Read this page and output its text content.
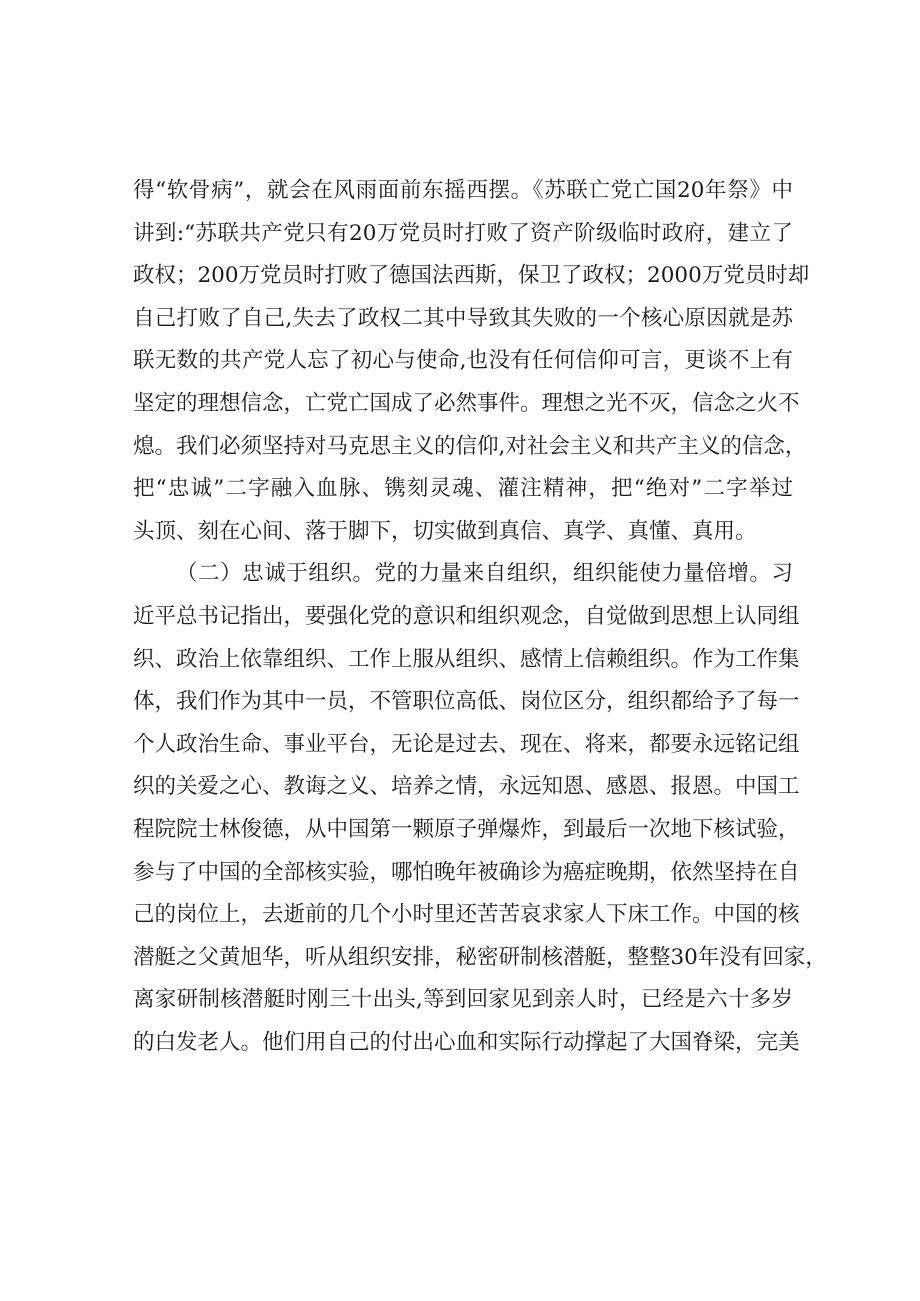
得“软骨病”，就会在风雨面前东摇西摆。《苏联亡党亡国20年祭》中
讲到:“苏联共产党只有20万党员时打败了资产阶级临时政府，建立了
政权；200万党员时打败了德国法西斯，保卫了政权；2000万党员时却
自己打败了自己,失去了政权二其中导致其失败的一个核心原因就是苏
联无数的共产党人忘了初心与使命,也没有任何信仰可言，更谈不上有
坚定的理想信念，亡党亡国成了必然事件。理想之光不灭，信念之火不
熄。我们必须坚持对马克思主义的信仰,对社会主义和共产主义的信念，
把“忠诚”二字融入血脉、镌刻灵魂、灌注精神，把“绝对”二字举过
头顶、刻在心间、落于脚下，切实做到真信、真学、真懂、真用。
（二）忠诚于组织。党的力量来自组织，组织能使力量倍增。习
近平总书记指出，要强化党的意识和组织观念，自觉做到思想上认同组
织、政治上依靠组织、工作上服从组织、感情上信赖组织。作为工作集
体，我们作为其中一员，不管职位高低、岗位区分，组织都给予了每一
个人政治生命、事业平台，无论是过去、现在、将来，都要永远铭记组
织的关爱之心、教诲之义、培养之情，永远知恩、感恩、报恩。中国工
程院院士林俊德，从中国第一颗原子弹爆炸，到最后一次地下核试验，
参与了中国的全部核实验，哪怕晚年被确诊为癌症晚期，依然坚持在自
己的岗位上，去逝前的几个小时里还苦苦哀求家人下床工作。中国的核
潜艇之父黄旭华，听从组织安排，秘密研制核潜艇，整整30年没有回家，
离家研制核潜艇时刚三十出头,等到回家见到亲人时，已经是六十多岁
的白发老人。他们用自己的付出心血和实际行动撑起了大国脊梁，完美
